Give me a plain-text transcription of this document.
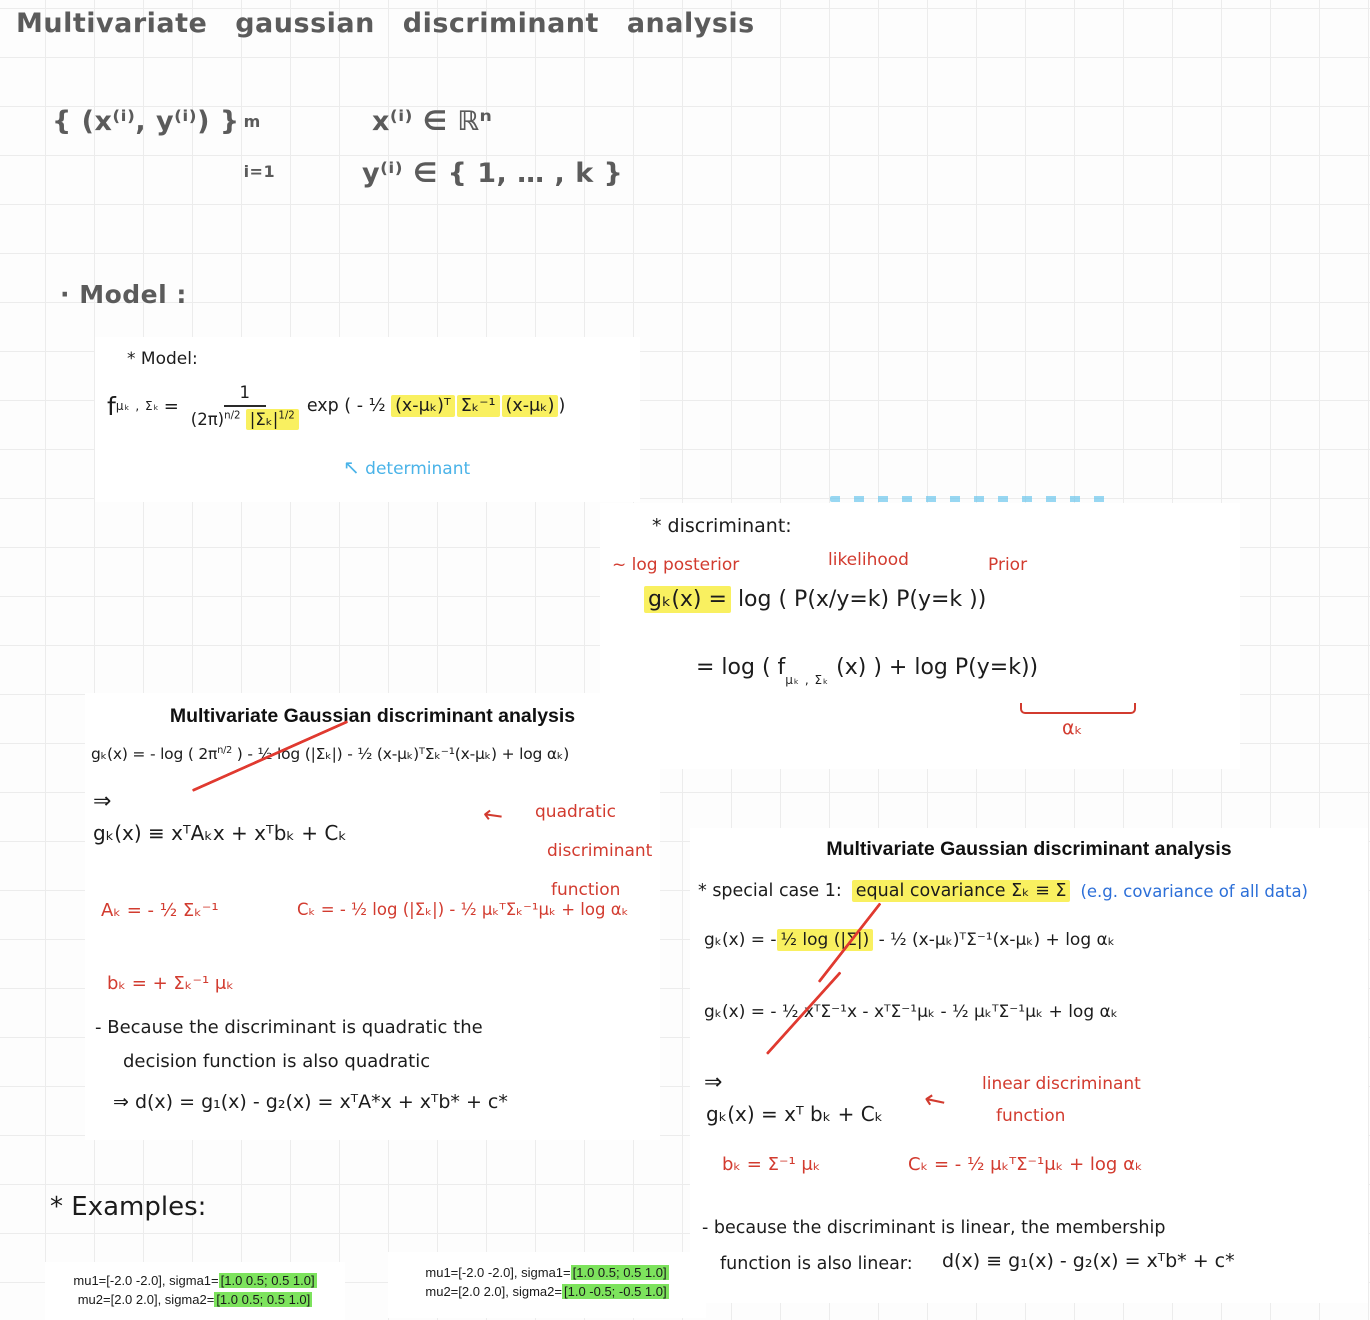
Multivariate gaussian discriminant analysis
{ (x⁽ⁱ⁾, y⁽ⁱ⁾) } m
i=1
x⁽ⁱ⁾ ∈ ℝⁿ
y⁽ⁱ⁾ ∈ { 1, … , k }
· Model :
* Model:
f μₖ , $\Sigma_k = \frac{1}{(2\pi)^{n/2} |\Sigma_k|^{1/2}}$ exp ( - ½ (x-μₖ)ᵀ Σₖ⁻¹ (x-μₖ) )
↖ determinant
* discriminant:
~ log posterior	likelihood	Prior
gₖ(x) = log ( P(x/y=k) P(y=k ))
= log ( $f_{\mu_k , \Sigma_k}$ (x) ) + log P(y=k))
αₖ
Multivariate Gaussian discriminant analysis
gₖ(x) = - log ( $2\pi^{n/2}$ ) - ½ log (|Σₖ|) - ½ (x-μₖ)ᵀΣₖ⁻¹(x-μₖ) + log αₖ)
⇒
gₖ(x) ≡ xᵀAₖx + xᵀbₖ + Cₖ
← quadratic
discriminant
function
Aₖ = - ½ Σₖ⁻¹	Cₖ = - ½ log (|Σₖ|) - ½ μₖᵀΣₖ⁻¹μₖ + log αₖ
bₖ = + Σₖ⁻¹ μₖ
- Because the discriminant is quadratic the
decision function is also quadratic
⇒ d(x) = g₁(x) - g₂(x) = xᵀA*x + xᵀb* + c*
Multivariate Gaussian discriminant analysis
* special case 1: equal covariance Σₖ ≡ Σ (e.g. covariance of all data)
gₖ(x) = - ½ log (|Σ|) - ½ (x-μₖ)ᵀΣ⁻¹(x-μₖ) + log αₖ
gₖ(x) = - ½ xᵀΣ⁻¹x - xᵀΣ⁻¹μₖ - ½ μₖᵀΣ⁻¹μₖ + log αₖ
⇒
gₖ(x) = xᵀ bₖ + Cₖ ←
linear discriminant
function
bₖ = Σ⁻¹ μₖ	Cₖ = - ½ μₖᵀΣ⁻¹μₖ + log αₖ
- because the discriminant is linear, the membership
function is also linear: d(x) ≡ g₁(x) - g₂(x) = xᵀb* + c*
* Examples:
mu1=[-2.0 -2.0], sigma1= [1.0 0.5; 0.5 1.0]
mu2=[2.0 2.0], sigma2= [1.0 0.5; 0.5 1.0]
mu1=[-2.0 -2.0], sigma1= [1.0 0.5; 0.5 1.0]
mu2=[2.0 2.0], sigma2= [1.0 -0.5; -0.5 1.0]
